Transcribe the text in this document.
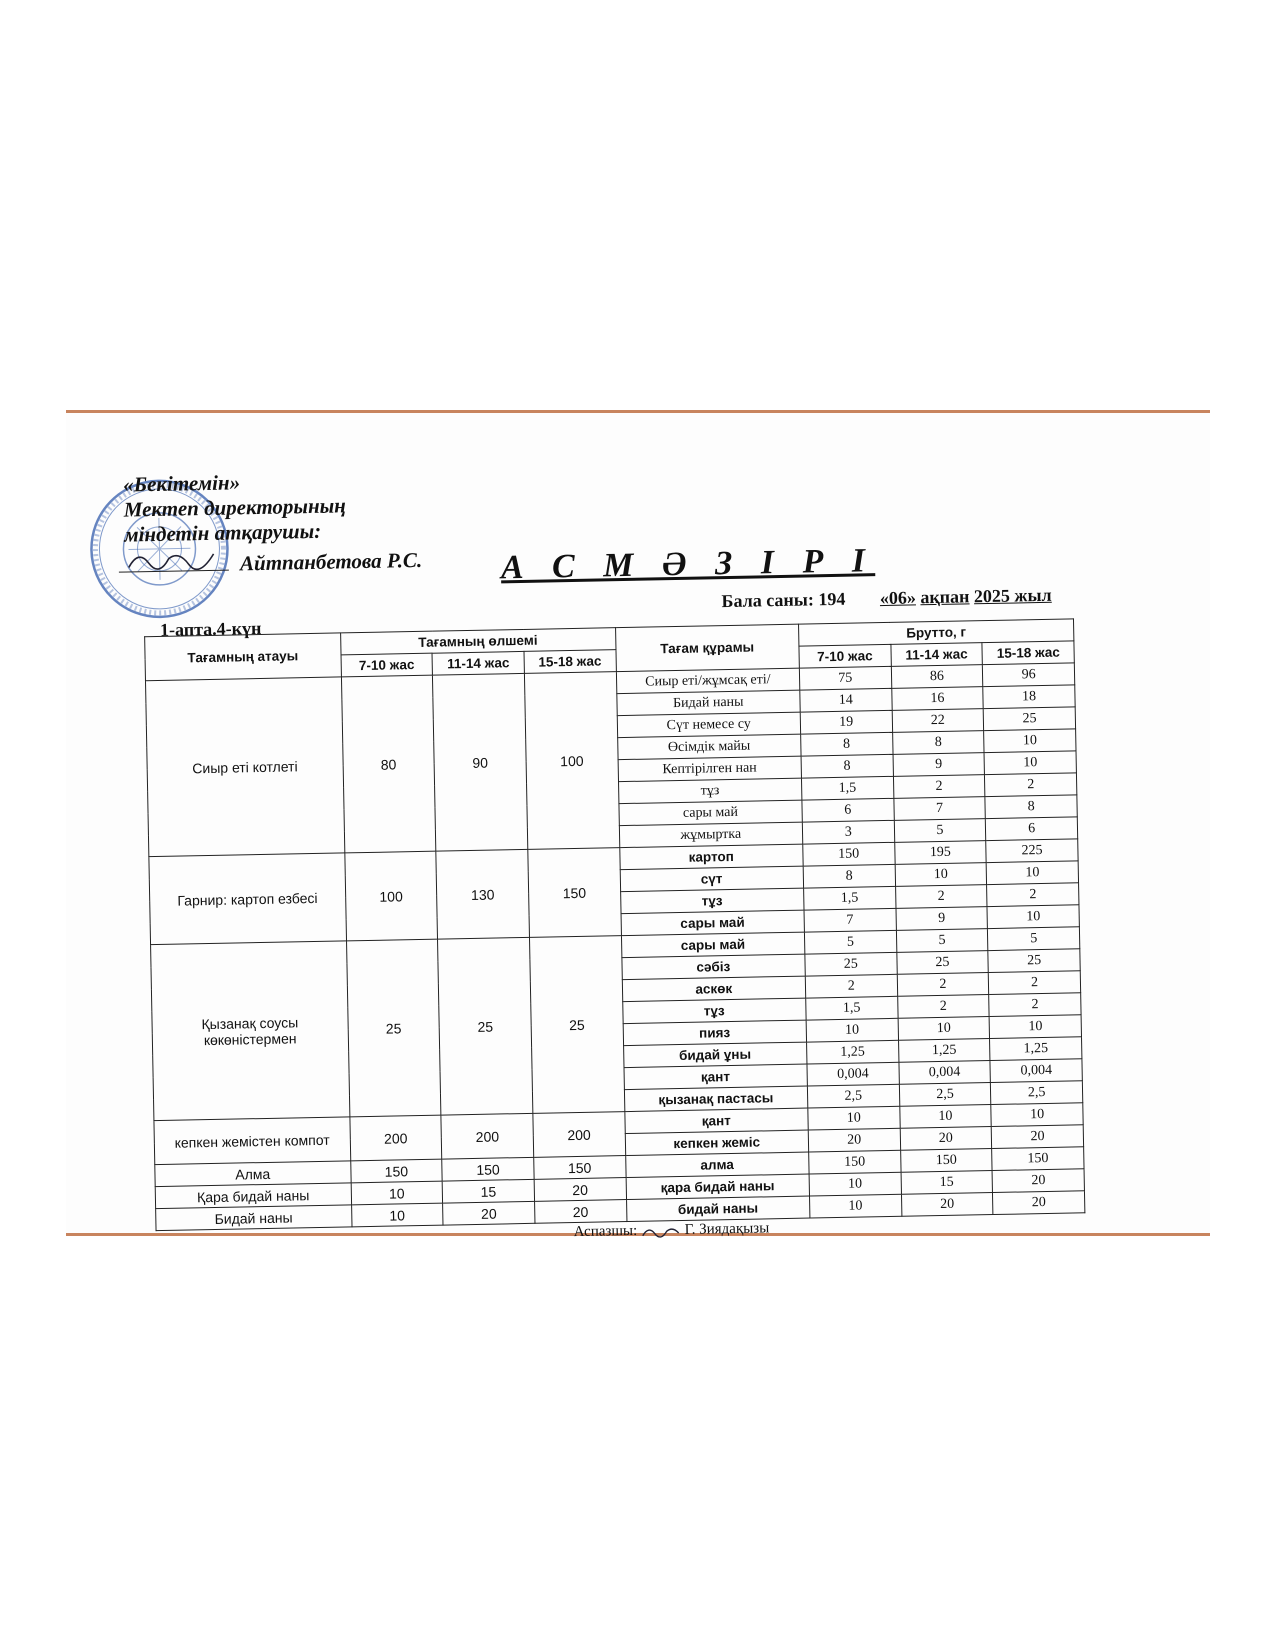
«Бекітемін»
Мектеп директорының
міндетін атқарушы:
Айтпанбетова Р.С. А С М Ә З І Р І
Бала саны: 194 «06» ақпан 2025 жыл
1-апта.4-күн
Тағамның атауы	Тағамның өлшемі			Тағам құрамы	Брутто, г		
	7-10 жас	11-14 жас	15-18 жас		7-10 жас	11-14 жас	15-18 жас
Сиыр еті котлеті	80	90	100	Сиыр еті/жұмсақ еті/	75	86	96
				Бидай наны	14	16	18
				Сүт немесе су	19	22	25
				Өсімдік майы	8	8	10
				Кептірілген нан	8	9	10
				тұз	1,5	2	2
				сары май	6	7	8
				жұмыртка	3	5	6
Гарнир: картоп езбесі	100	130	150	картоп	150	195	225
				сүт	8	10	10
				тұз	1,5	2	2
				сары май	7	9	10
Қызанақ соусы көкөністермен	25	25	25	сары май	5	5	5
				сәбіз	25	25	25
				аскөк	2	2	2
				тұз	1,5	2	2
				пияз	10	10	10
				бидай ұны	1,25	1,25	1,25
				қант	0,004	0,004	0,004
				қызанақ пастасы	2,5	2,5	2,5
кепкен жемістен компот	200	200	200	қант	10	10	10
				кепкен жеміс	20	20	20
Алма	150	150	150	алма	150	150	150
Қара бидай наны	10	15	20	қара бидай наны	10	15	20
Бидай наны	10	20	20	бидай наны	10	20	20
Аспазшы:	Г. Зиядақызы
